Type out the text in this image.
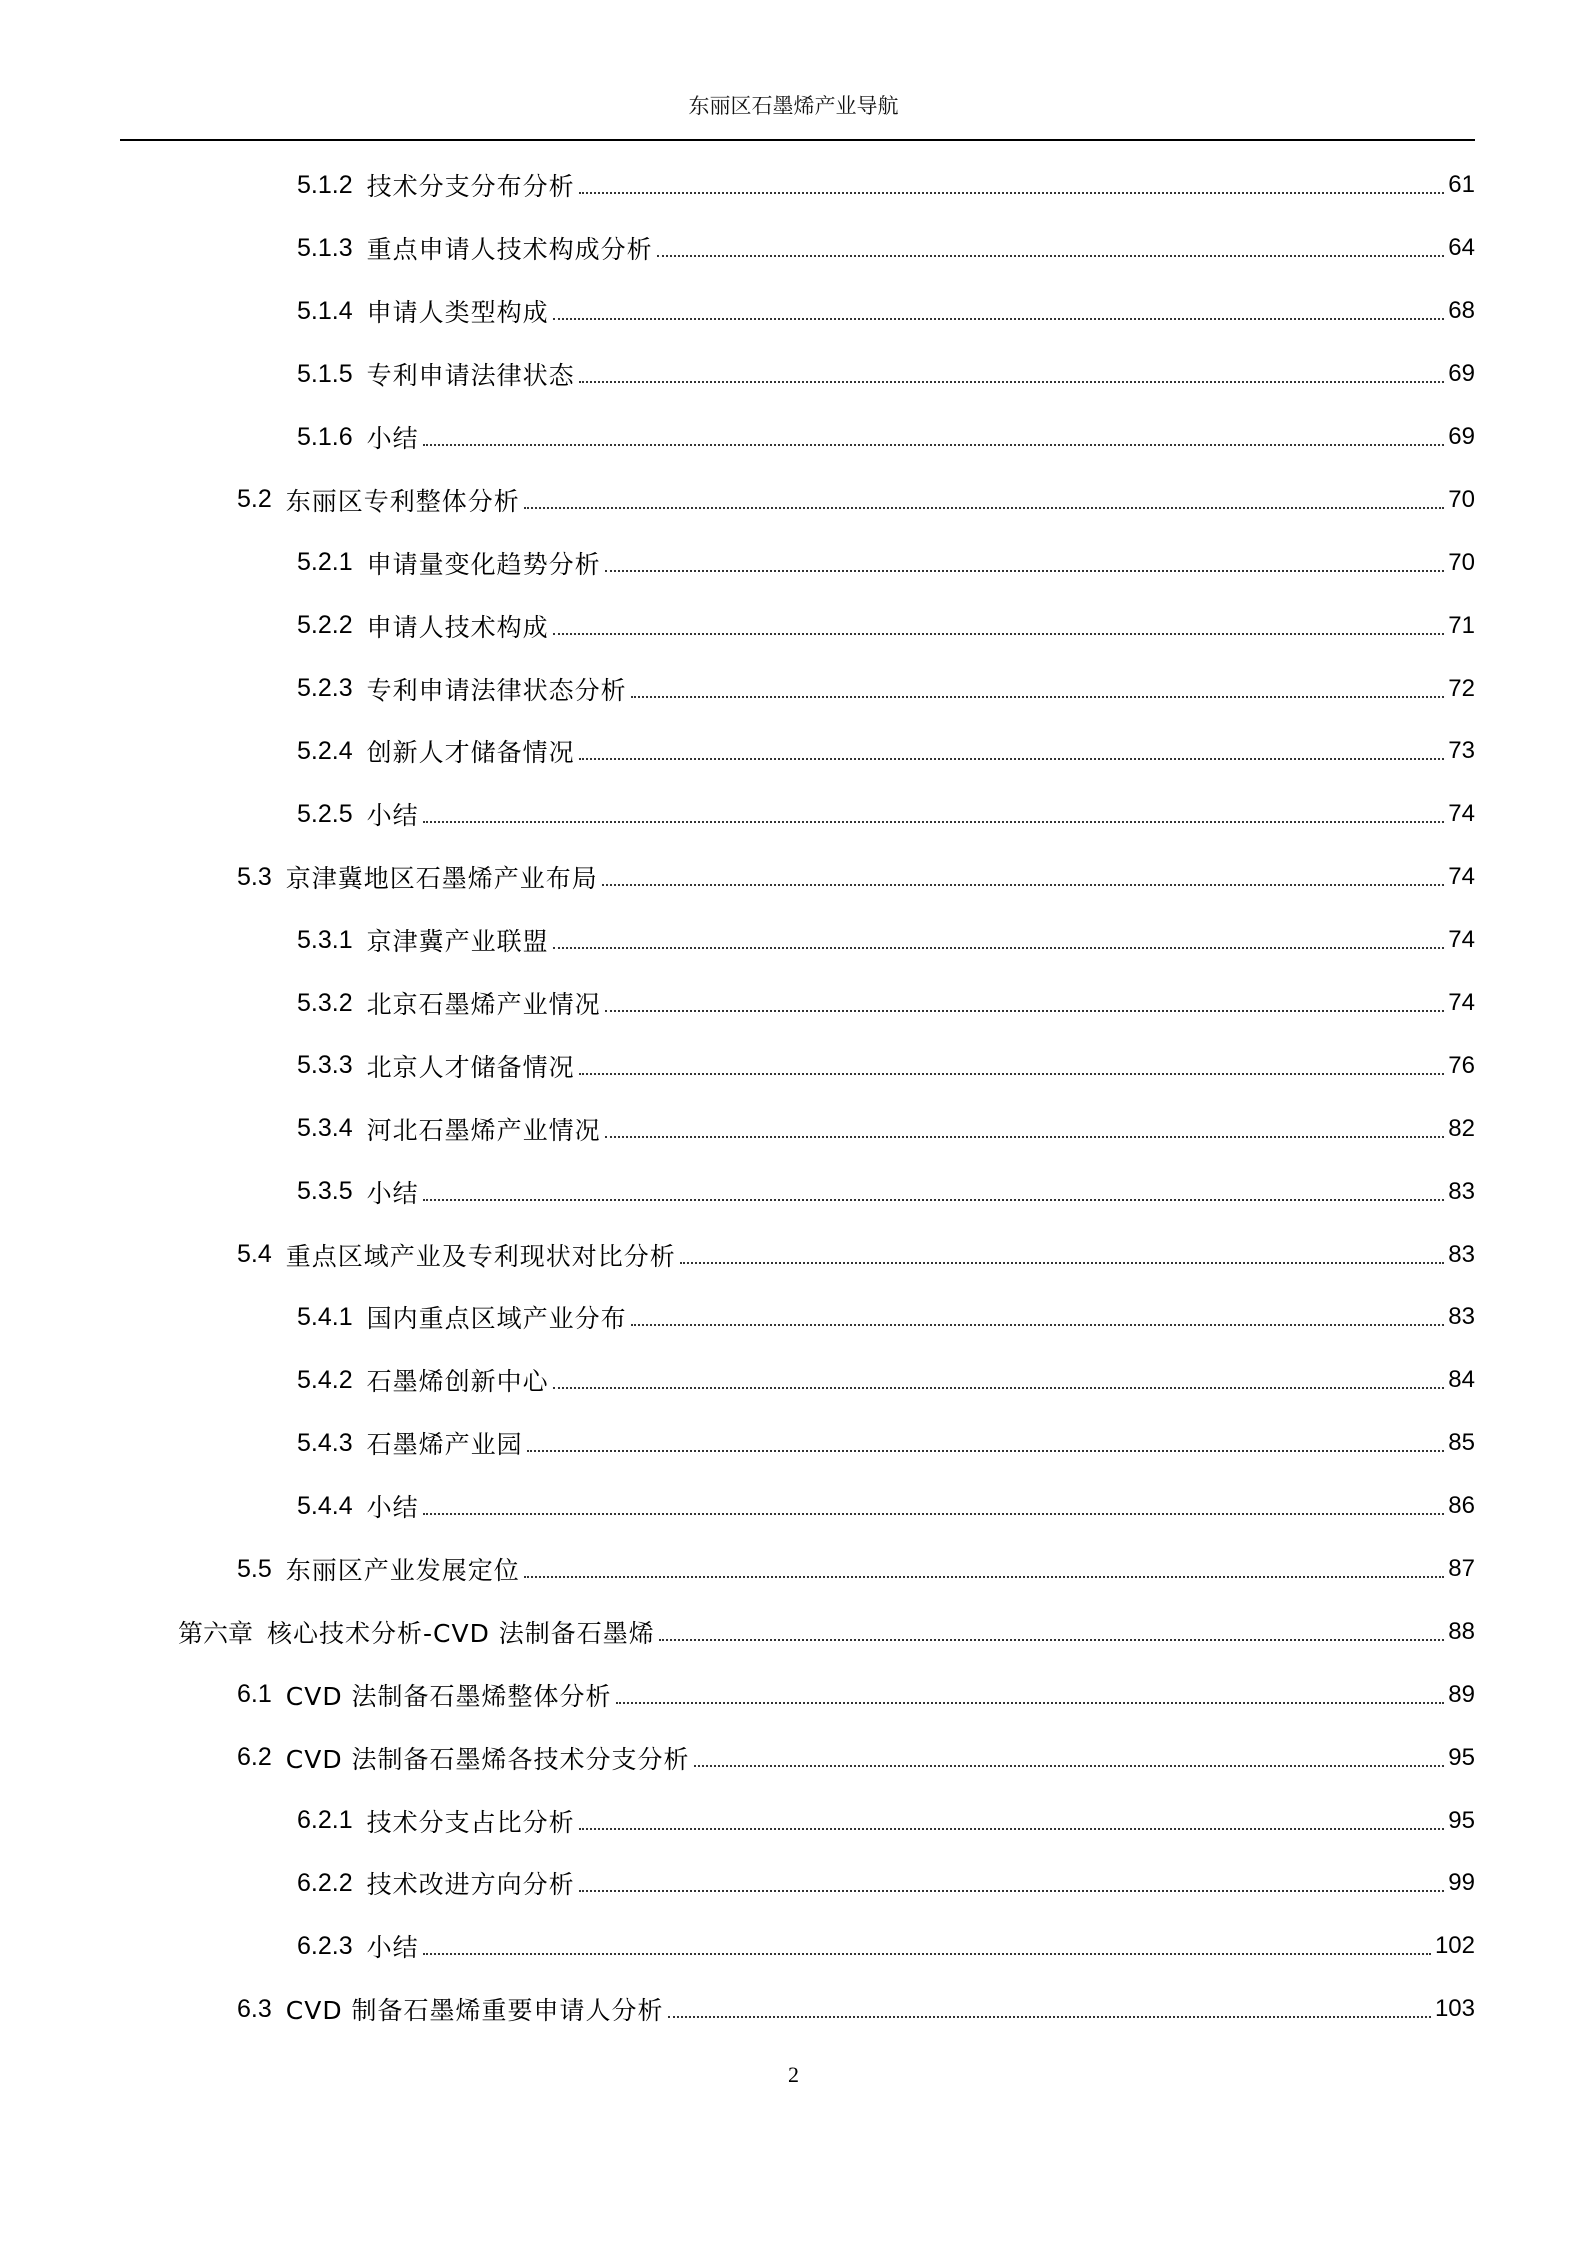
东丽区石墨烯产业导航
5.1.2 技术分支分布分析	61
5.1.3 重点申请人技术构成分析	64
5.1.4 申请人类型构成	68
5.1.5 专利申请法律状态	69
5.1.6 小结	69
5.2 东丽区专利整体分析	70
5.2.1 申请量变化趋势分析	70
5.2.2 申请人技术构成	71
5.2.3 专利申请法律状态分析	72
5.2.4 创新人才储备情况	73
5.2.5 小结	74
5.3 京津冀地区石墨烯产业布局	74
5.3.1 京津冀产业联盟	74
5.3.2 北京石墨烯产业情况	74
5.3.3 北京人才储备情况	76
5.3.4 河北石墨烯产业情况	82
5.3.5 小结	83
5.4 重点区域产业及专利现状对比分析	83
5.4.1 国内重点区域产业分布	83
5.4.2 石墨烯创新中心	84
5.4.3 石墨烯产业园	85
5.4.4 小结	86
5.5 东丽区产业发展定位	87
第六章 核心技术分析-CVD 法制备石墨烯	88
6.1 CVD 法制备石墨烯整体分析	89
6.2 CVD 法制备石墨烯各技术分支分析	95
6.2.1 技术分支占比分析	95
6.2.2 技术改进方向分析	99
6.2.3 小结	102
6.3 CVD 制备石墨烯重要申请人分析	103
2
